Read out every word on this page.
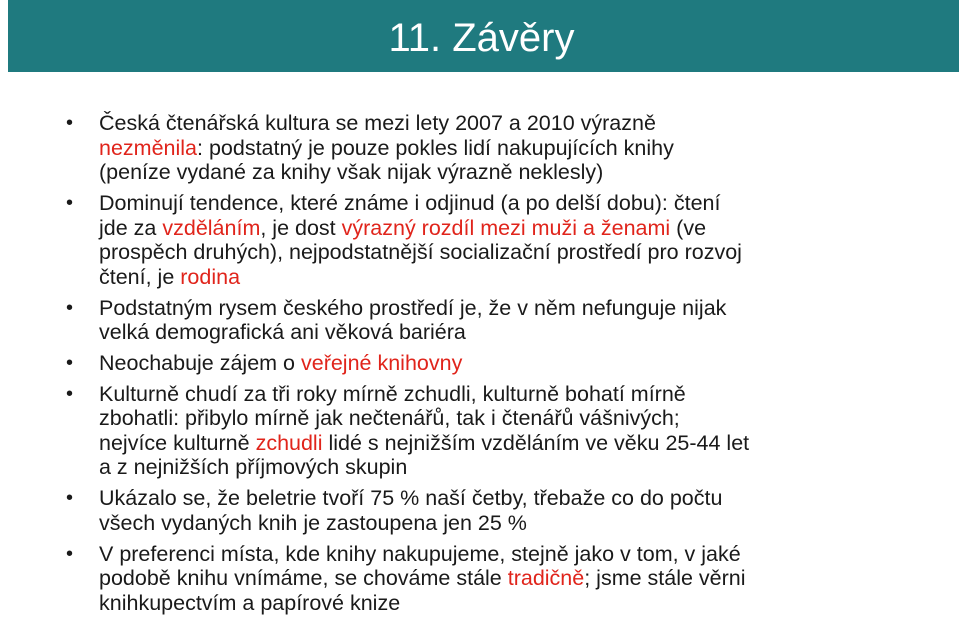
11. Závěry
• Česká čtenářská kultura se mezi lety 2007 a 2010 výrazně
nezměnila: podstatný je pouze pokles lidí nakupujících knihy
(peníze vydané za knihy však nijak výrazně neklesly)
• Dominují tendence, které známe i odjinud (a po delší dobu): čtení
jde za vzděláním, je dost výrazný rozdíl mezi muži a ženami (ve
prospěch druhých), nejpodstatnější socializační prostředí pro rozvoj
čtení, je rodina
• Podstatným rysem českého prostředí je, že v něm nefunguje nijak
velká demografická ani věková bariéra
• Neochabuje zájem o veřejné knihovny
• Kulturně chudí za tři roky mírně zchudli, kulturně bohatí mírně
zbohatli: přibylo mírně jak nečtenářů, tak i čtenářů vášnivých;
nejvíce kulturně zchudli lidé s nejnižším vzděláním ve věku 25-44 let
a z nejnižších příjmových skupin
• Ukázalo se, že beletrie tvoří 75 % naší četby, třebaže co do počtu
všech vydaných knih je zastoupena jen 25 %
• V preferenci místa, kde knihy nakupujeme, stejně jako v tom, v jaké
podobě knihu vnímáme, se chováme stále tradičně; jsme stále věrni
knihkupectvím a papírové knize
